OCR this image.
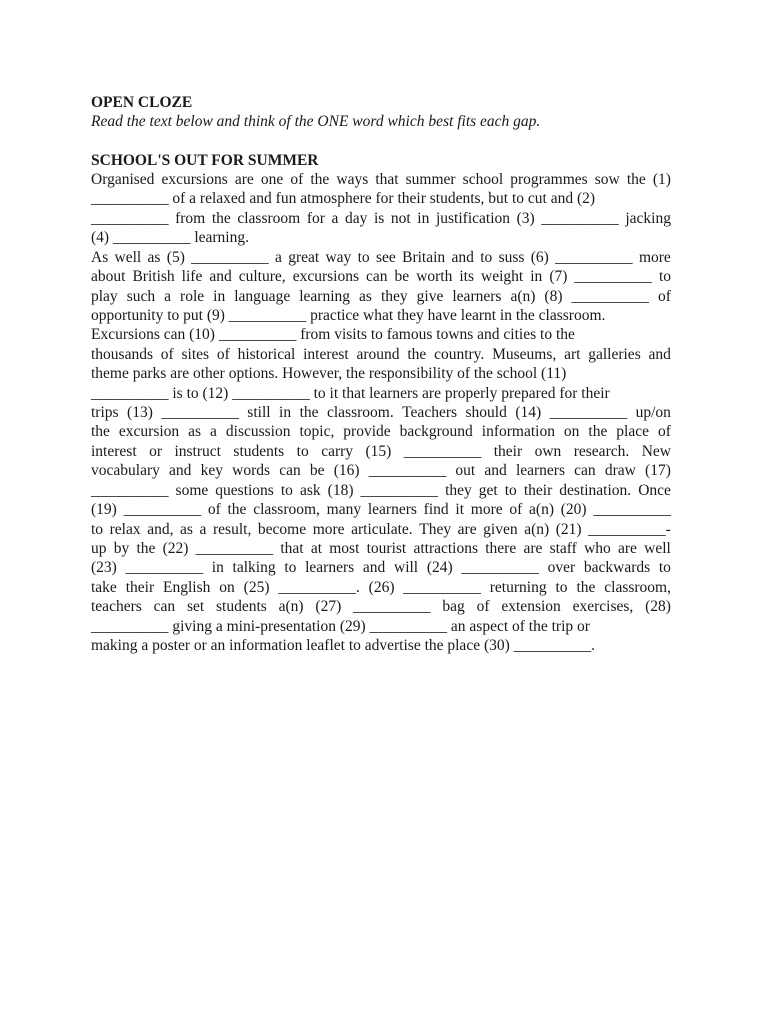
OPEN CLOZE

Read the text below and think of the ONE word which best fits each gap.

SCHOOL'S OUT FOR SUMMER

Organised excursions are one of the ways that summer school programmes sow the (1)
__________ of a relaxed and fun atmosphere for their students, but to cut and (2)
__________ from the classroom for a day is not in justification (3) __________ jacking
(4) __________ learning.
As well as (5) __________ a great way to see Britain and to suss (6) __________ more
about British life and culture, excursions can be worth its weight in (7) __________ to
play such a role in language learning as they give learners a(n) (8) __________ of
opportunity to put (9) __________ practice what they have learnt in the classroom.
Excursions can (10) __________ from visits to famous towns and cities to the
thousands of sites of historical interest around the country. Museums, art galleries and
theme parks are other options. However, the responsibility of the school (11)
__________ is to (12) __________ to it that learners are properly prepared for their
trips (13) __________ still in the classroom. Teachers should (14) __________ up/on
the excursion as a discussion topic, provide background information on the place of
interest or instruct students to carry (15) __________ their own research. New
vocabulary and key words can be (16) __________ out and learners can draw (17)
__________ some questions to ask (18) __________ they get to their destination. Once
(19) __________ of the classroom, many learners find it more of a(n) (20) __________
to relax and, as a result, become more articulate. They are given a(n) (21) __________-
up by the (22) __________ that at most tourist attractions there are staff who are well
(23) __________ in talking to learners and will (24) __________ over backwards to
take their English on (25) __________. (26) __________ returning to the classroom,
teachers can set students a(n) (27) __________ bag of extension exercises, (28)
__________ giving a mini-presentation (29) __________ an aspect of the trip or
making a poster or an information leaflet to advertise the place (30) __________.
